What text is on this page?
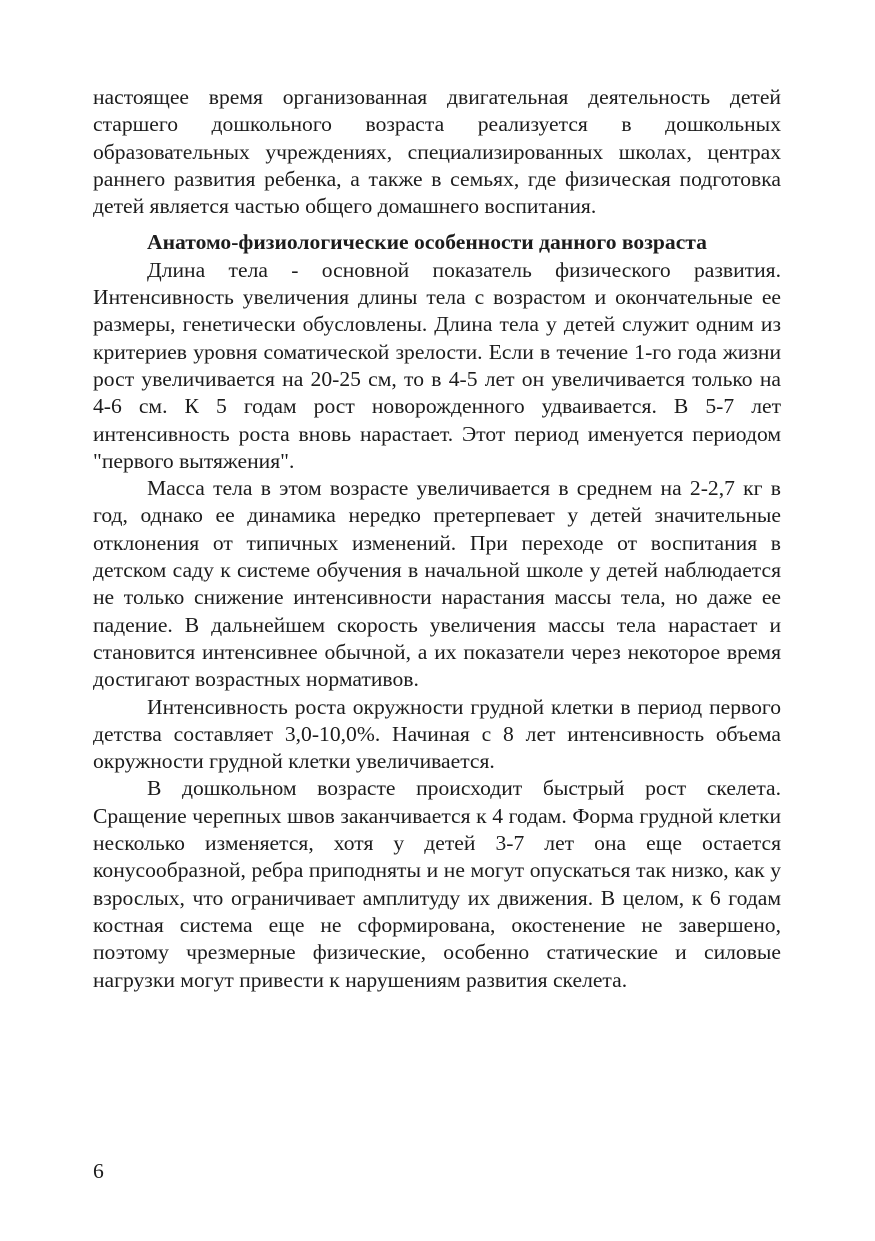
настоящее время организованная двигательная деятельность детей старшего дошкольного возраста реализуется в дошкольных образовательных учреждениях, специализированных школах, центрах раннего развития ребенка, а также в семьях, где физическая подготовка детей является частью общего домашнего воспитания.

Анатомо-физиологические особенности данного возраста

Длина тела - основной показатель физического развития. Интенсивность увеличения длины тела с возрастом и окончательные ее размеры, генетически обусловлены. Длина тела у детей служит одним из критериев уровня соматической зрелости. Если в течение 1-го года жизни рост увеличивается на 20-25 см, то в 4-5 лет он увеличивается только на 4-6 см. К 5 годам рост новорожденного удваивается. В 5-7 лет интенсивность роста вновь нарастает. Этот период именуется периодом "первого вытяжения".

Масса тела в этом возрасте увеличивается в среднем на 2-2,7 кг в год, однако ее динамика нередко претерпевает у детей значительные отклонения от типичных изменений. При переходе от воспитания в детском саду к системе обучения в начальной школе у детей наблюдается не только снижение интенсивности нарастания массы тела, но даже ее падение. В дальнейшем скорость увеличения массы тела нарастает и становится интенсивнее обычной, а их показатели через некоторое время достигают возрастных нормативов.

Интенсивность роста окружности грудной клетки в период первого детства составляет 3,0-10,0%. Начиная с 8 лет интенсивность объема окружности грудной клетки увеличивается.

В дошкольном возрасте происходит быстрый рост скелета. Сращение черепных швов заканчивается к 4 годам. Форма грудной клетки несколько изменяется, хотя у детей 3-7 лет она еще остается конусообразной, ребра приподняты и не могут опускаться так низко, как у взрослых, что ограничивает амплитуду их движения. В целом, к 6 годам костная система еще не сформирована, окостенение не завершено, поэтому чрезмерные физические, особенно статические и силовые нагрузки могут привести к нарушениям развития скелета.

6
